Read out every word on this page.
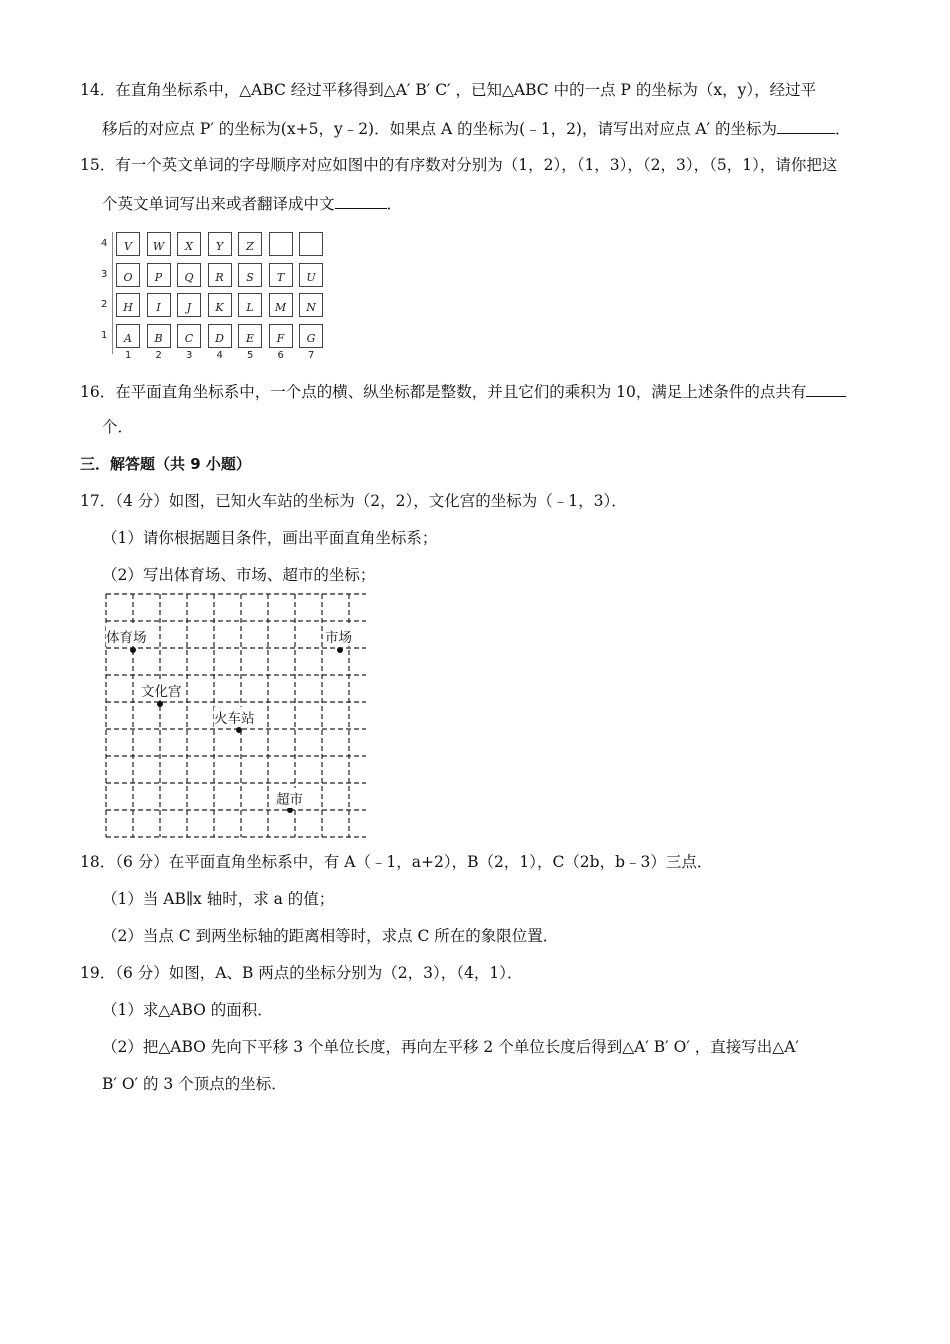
14．在直角坐标系中，△ABC 经过平移得到△A′ B′ C′ ，已知△ABC 中的一点 P 的坐标为（x，y），经过平
移后的对应点 P′ 的坐标为(x+5，y﹣2)．如果点 A 的坐标为(﹣1，2)，请写出对应点 A′ 的坐标为	．
15．有一个英文单词的字母顺序对应如图中的有序数对分别为（1，2），（1，3），（2，3），（5，1），请你把这
个英文单词写出来或者翻译成中文	．
4	V	W	X	Y	Z
3	O	P	Q	R	S	T	U
2	H	I	J	K	L	M	N
1	A	B	C	D	E	F	G
1 2 3 4 5 6 7
16．在平面直角坐标系中，一个点的横、纵坐标都是整数，并且它们的乘积为 10，满足上述条件的点共有
个．
三．解答题（共 9 小题）
17．（4 分）如图，已知火车站的坐标为（2，2），文化宫的坐标为（﹣1，3）．
（1）请你根据题目条件，画出平面直角坐标系；
（2）写出体育场、市场、超市的坐标；
体育场	市场
文化宫
火车站
超市
18．（6 分）在平面直角坐标系中，有 A（﹣1，a+2），B（2，1），C（2b，b﹣3）三点．
（1）当 AB∥x 轴时，求 a 的值；
（2）当点 C 到两坐标轴的距离相等时，求点 C 所在的象限位置．
19．（6 分）如图，A、B 两点的坐标分别为（2，3），（4，1）．
（1）求△ABO 的面积．
（2）把△ABO 先向下平移 3 个单位长度，再向左平移 2 个单位长度后得到△A′ B′ O′ ，直接写出△A′
B′ O′ 的 3 个顶点的坐标．
